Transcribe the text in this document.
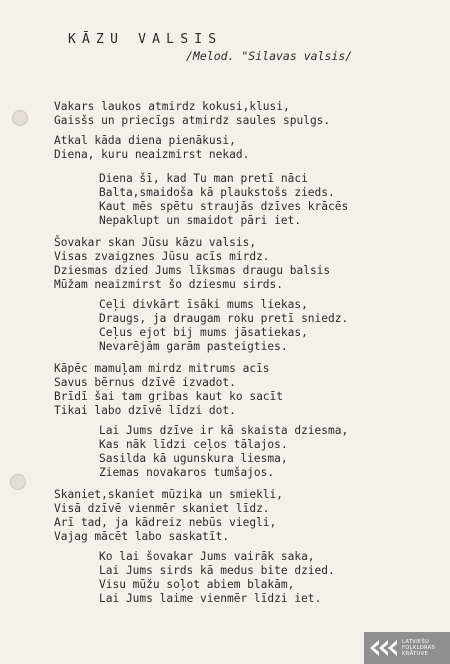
KĀZU VALSIS
/Melod. "Silavas valsis/
Vakars laukos atmirdz kokusi,klusi,
Gaisšs un priecīgs atmirdz saules spulgs.
Atkal kāda diena pienākusi,
Diena, kuru neaizmirst nekad.
Diena šī, kad Tu man pretī nāci
Balta,smaidoša kā plaukstošs zieds.
Kaut mēs spētu straujās dzīves krācēs
Nepaklupt un smaidot pāri iet.
Šovakar skan Jūsu kāzu valsis,
Visas zvaigznes Jūsu acīs mirdz.
Dziesmas dzied Jums līksmas draugu balsis
Mūžam neaizmirst šo dziesmu sirds.
Ceļi divkārt īsāki mums liekas,
Draugs, ja draugam roku pretī sniedz.
Ceļus ejot bij mums jāsatiekas,
Nevarējām garām pasteigties.
Kāpēc mamuļam mirdz mitrums acīs
Savus bērnus dzīvē izvadot.
Brīdī šai tam gribas kaut ko sacīt
Tikai labo dzīvē līdzi dot.
Lai Jums dzīve ir kā skaista dziesma,
Kas nāk līdzi ceļos tālajos.
Sasilda kā ugunskura liesma,
Ziemas novakaros tumšajos.
Skaniet,skaniet mūzika un smiekli,
Visā dzīvē vienmēr skaniet līdz.
Arī tad, ja kādreiz nebūs viegli,
Vajag mācēt labo saskatīt.
Ko lai šovakar Jums vairāk saka,
Lai Jums sirds kā medus bite dzied.
Visu mūžu soļot abiem blakām,
Lai Jums laime vienmēr līdzi iet.
LATVIEŠU
FOLKLORAS
KRĀTUVE
